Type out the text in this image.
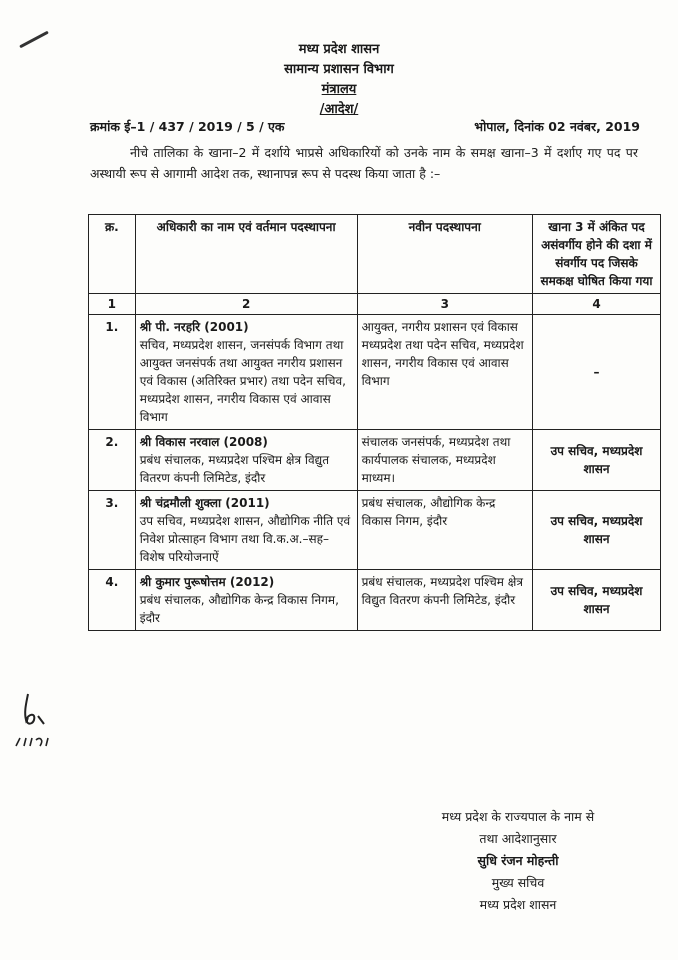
मध्य प्रदेश शासन
सामान्य प्रशासन विभाग
मंत्रालय
/आदेश/
क्रमांक ई–1 / 437 / 2019 / 5 / एक	भोपाल, दिनांक 02 नवंबर, 2019
नीचे तालिका के खाना–2 में दर्शाये भाप्रसे अधिकारियों को उनके नाम के समक्ष खाना–3 में दर्शाए गए पद पर अस्थायी रूप से आगामी आदेश तक, स्थानापन्न रूप से पदस्थ किया जाता है :–
क्र.	अधिकारी का नाम एवं वर्तमान पदस्थापना	नवीन पदस्थापना	खाना 3 में अंकित पद असंवर्गीय होने की दशा में संवर्गीय पद जिसके समकक्ष घोषित किया गया
1	2	3	4
1.	श्री पी. नरहरि (2001)
सचिव, मध्यप्रदेश शासन, जनसंपर्क विभाग तथा आयुक्त जनसंपर्क तथा आयुक्त नगरीय प्रशासन एवं विकास (अतिरिक्त प्रभार) तथा पदेन सचिव, मध्यप्रदेश शासन, नगरीय विकास एवं आवास विभाग	आयुक्त, नगरीय प्रशासन एवं विकास मध्यप्रदेश तथा पदेन सचिव, मध्यप्रदेश शासन, नगरीय विकास एवं आवास विभाग	–
2.	श्री विकास नरवाल (2008)
प्रबंध संचालक, मध्यप्रदेश पश्चिम क्षेत्र विद्युत वितरण कंपनी लिमिटेड, इंदौर	संचालक जनसंपर्क, मध्यप्रदेश तथा कार्यपालक संचालक, मध्यप्रदेश माध्यम।	उप सचिव, मध्यप्रदेश शासन
3.	श्री चंद्रमौली शुक्ला (2011)
उप सचिव, मध्यप्रदेश शासन, औद्योगिक नीति एवं निवेश प्रोत्साहन विभाग तथा वि.क.अ.–सह–विशेष परियोजनाऐं	प्रबंध संचालक, औद्योगिक केन्द्र विकास निगम, इंदौर	उप सचिव, मध्यप्रदेश शासन
4.	श्री कुमार पुरूषोत्तम (2012)
प्रबंध संचालक, औद्योगिक केन्द्र विकास निगम, इंदौर	प्रबंध संचालक, मध्यप्रदेश पश्चिम क्षेत्र विद्युत वितरण कंपनी लिमिटेड, इंदौर	उप सचिव, मध्यप्रदेश शासन
मध्य प्रदेश के राज्यपाल के नाम से
तथा आदेशानुसार
सुधि रंजन मोहन्ती
मुख्य सचिव
मध्य प्रदेश शासन
